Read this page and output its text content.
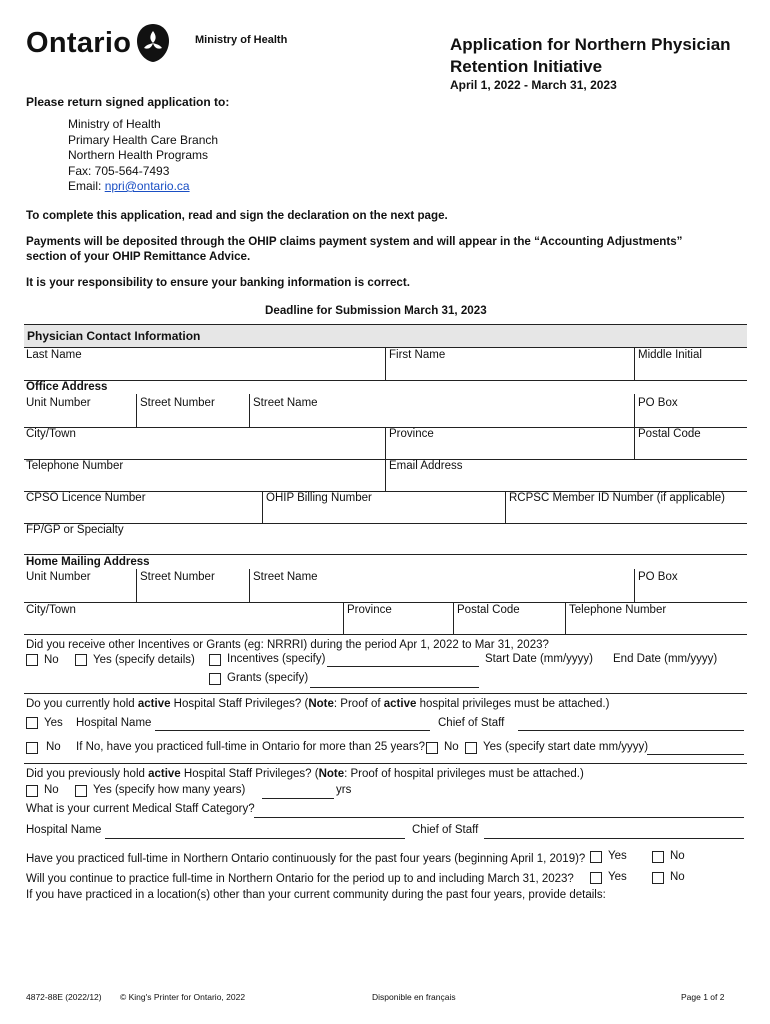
Ontario	Ministry of Health	Application for Northern Physician
Retention Initiative
April 1, 2022 - March 31, 2023
Please return signed application to:
Ministry of Health
Primary Health Care Branch
Northern Health Programs
Fax: 705-564-7493
Email: npri@ontario.ca
To complete this application, read and sign the declaration on the next page.
Payments will be deposited through the OHIP claims payment system and will appear in the “Accounting Adjustments”
section of your OHIP Remittance Advice.
It is your responsibility to ensure your banking information is correct.
Deadline for Submission March 31, 2023
Physician Contact Information
Last Name	First Name	Middle Initial
Office Address
Unit Number	Street Number	Street Name	PO Box
City/Town	Province	Postal Code
Telephone Number	Email Address
CPSO Licence Number	OHIP Billing Number	RCPSC Member ID Number (if applicable)
FP/GP or Specialty
Home Mailing Address
Unit Number	Street Number	Street Name	PO Box
City/Town	Province	Postal Code	Telephone Number
Did you receive other Incentives or Grants (eg: NRRRI) during the period Apr 1, 2022 to Mar 31, 2023?
No	Yes (specify details)	Incentives (specify)	Start Date (mm/yyyy) End Date (mm/yyyy)
Grants (specify)
Do you currently hold active Hospital Staff Privileges? (Note: Proof of active hospital privileges must be attached.)
Yes Hospital Name	Chief of Staff
No If No, have you practiced full-time in Ontario for more than 25 years? No Yes (specify start date mm/yyyy)
Did you previously hold active Hospital Staff Privileges? (Note: Proof of hospital privileges must be attached.)
No	Yes (specify how many years)	yrs
What is your current Medical Staff Category?
Hospital Name	Chief of Staff
Have you practiced full-time in Northern Ontario continuously for the past four years (beginning April 1, 2019)? Yes	No
Will you continue to practice full-time in Northern Ontario for the period up to and including March 31, 2023?	Yes	No
If you have practiced in a location(s) other than your current community during the past four years, provide details:
4872-88E (2022/12) © King's Printer for Ontario, 2022	Disponible en français	Page 1 of 2
